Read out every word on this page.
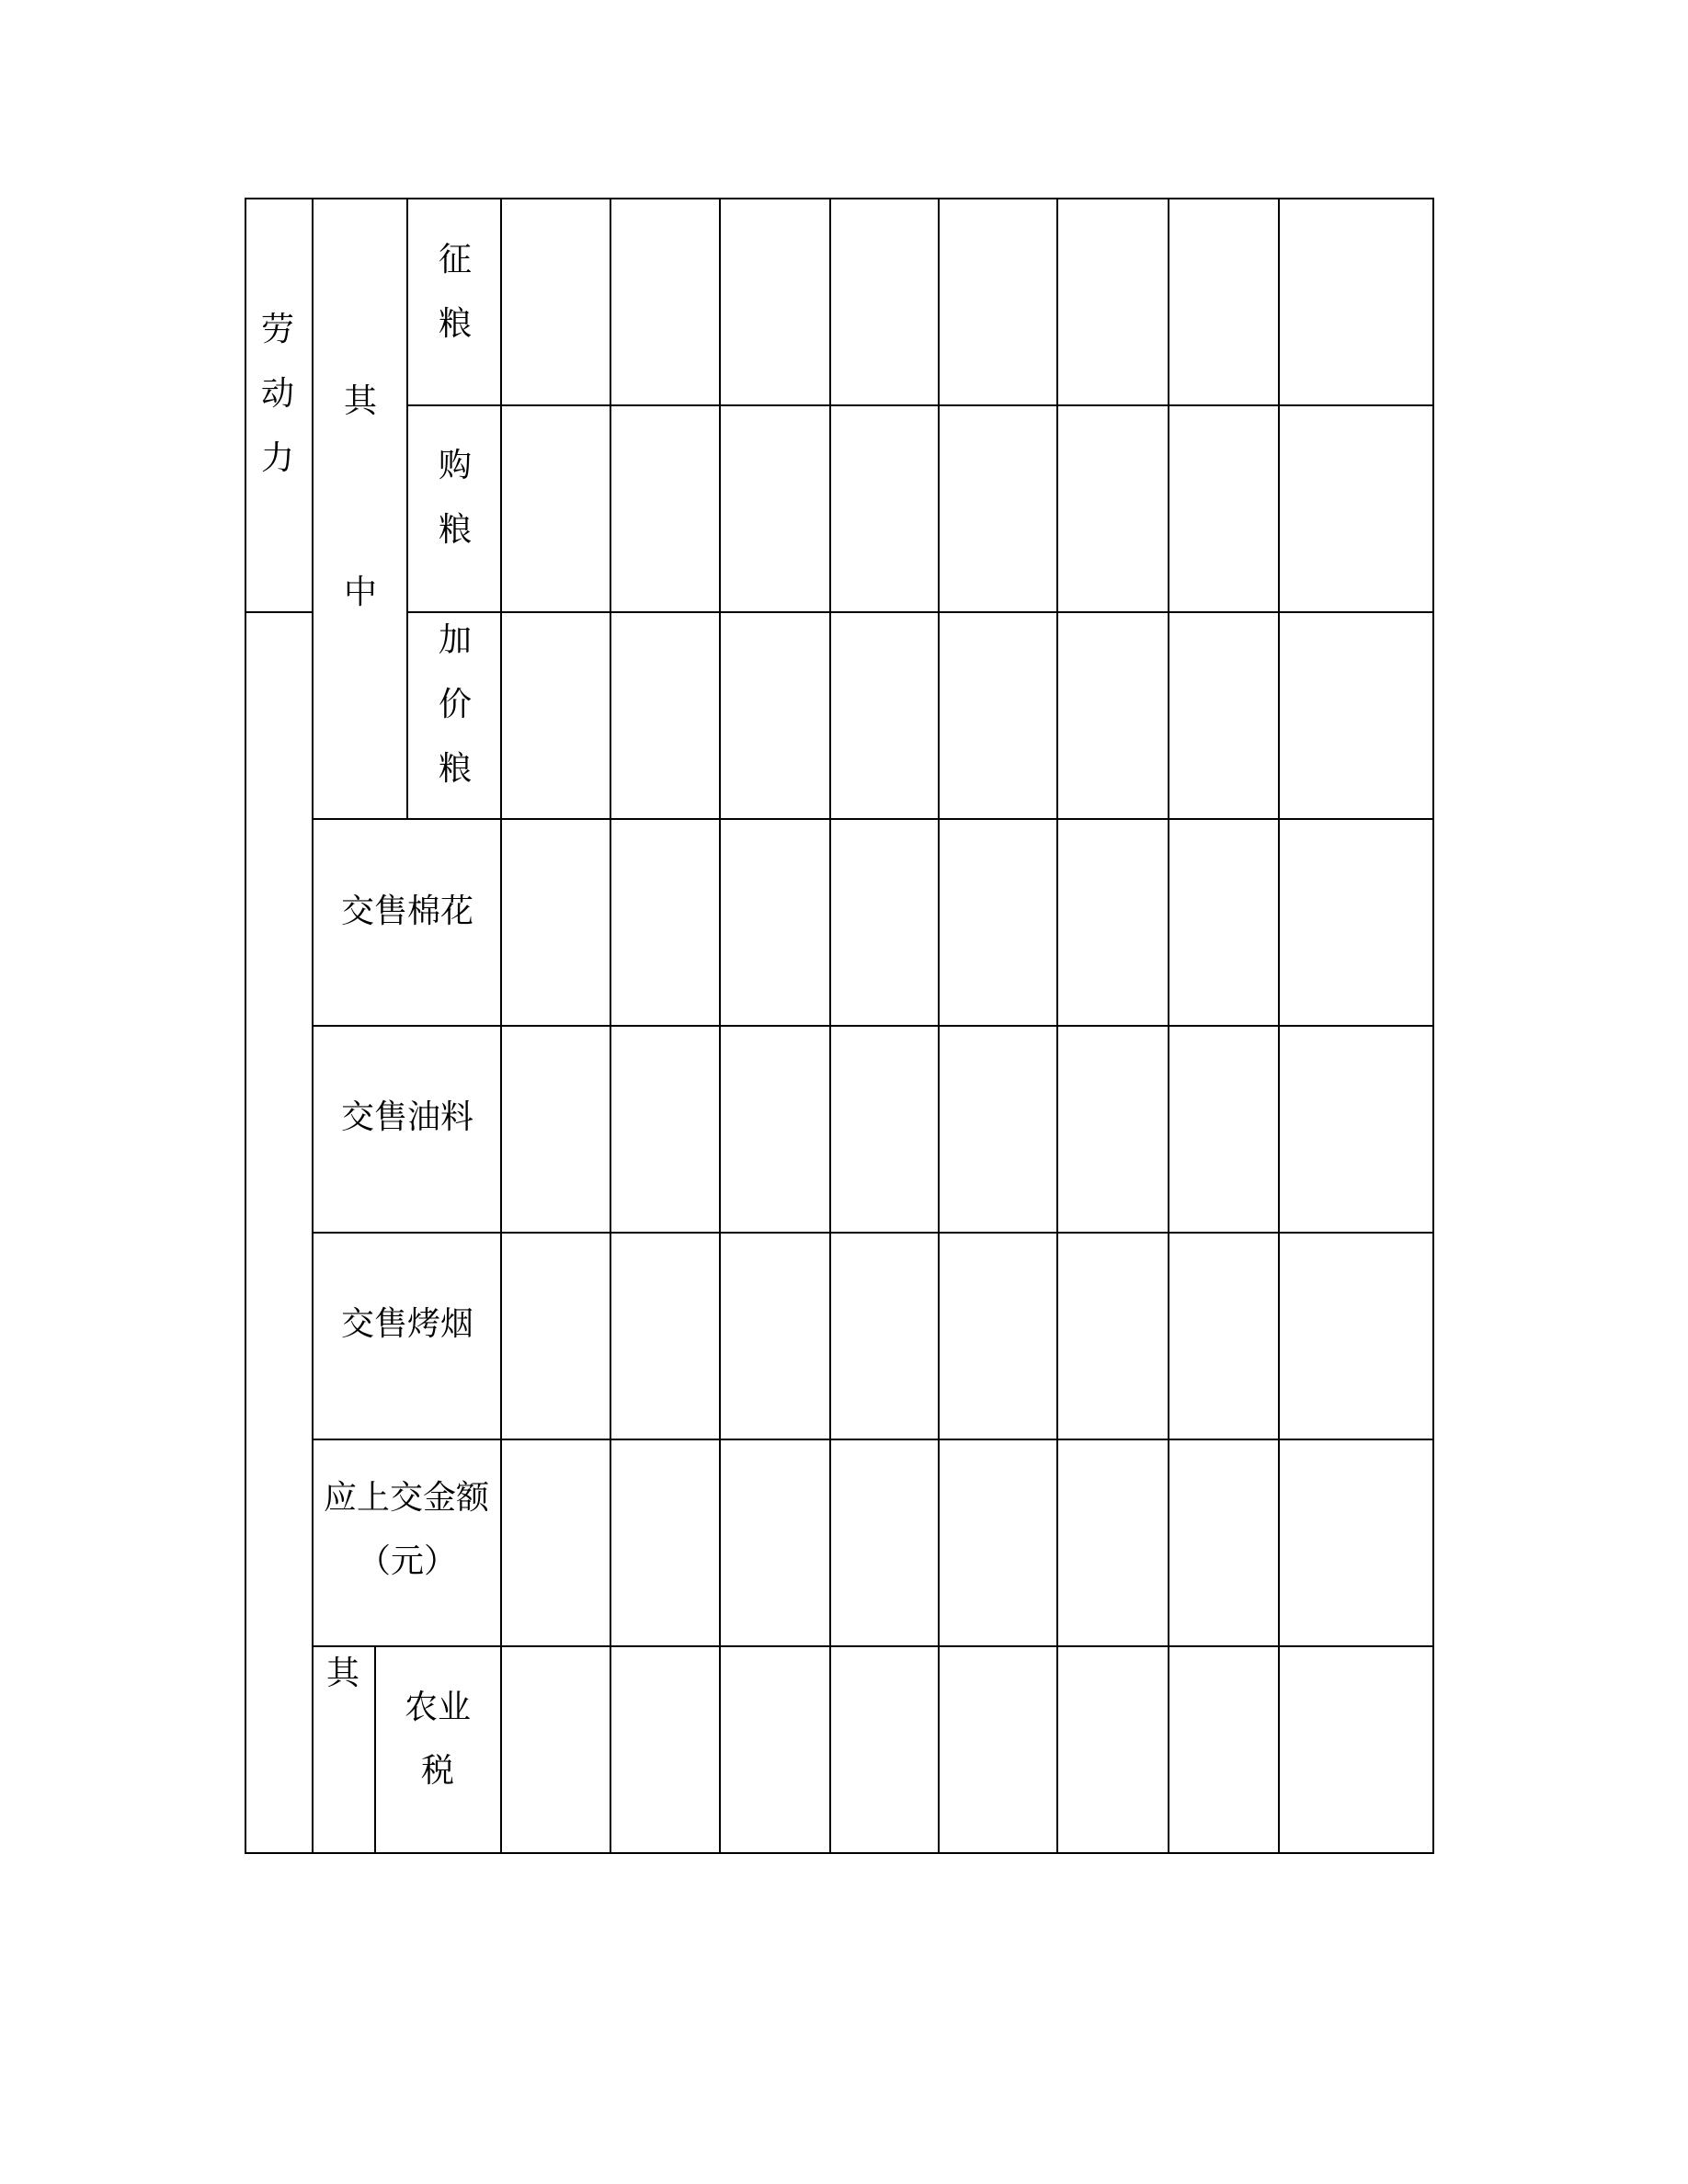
劳
动
力
其
中
征
粮
购
粮
加
价
粮
交售棉花
交售油料
交售烤烟
应上交金额
（元）
其
农业
税
